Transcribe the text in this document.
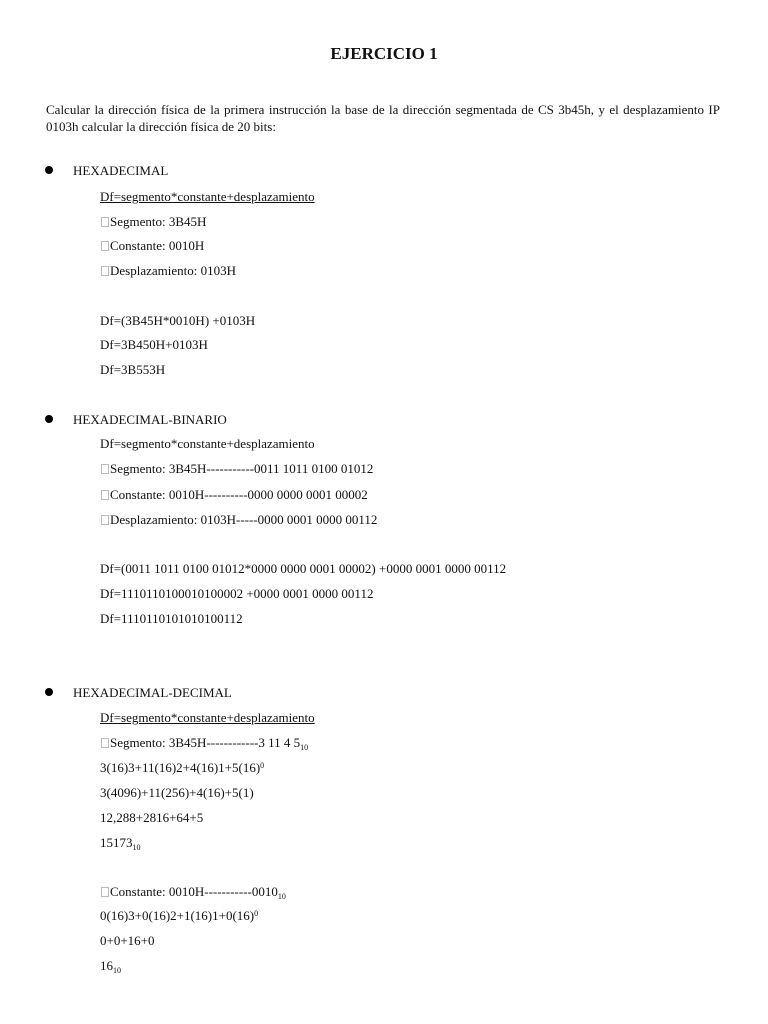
EJERCICIO 1
Calcular la dirección física de la primera instrucción la base de la dirección segmentada de CS 3b45h, y el desplazamiento IP 0103h calcular la dirección física de 20 bits:
HEXADECIMAL
Df=segmento*constante+desplazamiento
Segmento: 3B45H
Constante: 0010H
Desplazamiento: 0103H
Df=(3B45H*0010H) +0103H
Df=3B450H+0103H
Df=3B553H
HEXADECIMAL-BINARIO
Df=segmento*constante+desplazamiento
Segmento: 3B45H-----------0011 1011 0100 01012
Constante: 0010H----------0000 0000 0001 00002
Desplazamiento: 0103H-----0000 0001 0000 00112
Df=(0011 1011 0100 01012*0000 0000 0001 00002) +0000 0001 0000 00112
Df=1110110100010100002 +0000 0001 0000 00112
Df=1110110101010100112
HEXADECIMAL-DECIMAL
Df=segmento*constante+desplazamiento
Segmento: 3B45H------------3 11 4 $5_{10}$
$3(16)3+11(16)2+4(16)1+5(16)^0$
3(4096)+11(256)+4(16)+5(1)
12,288+2816+64+5
$15173_{10}$
Constante: $0010H-----------0010_{10}$
$0(16)3+0(16)2+1(16)1+0(16)^0$
0+0+16+0
$16_{10}$
